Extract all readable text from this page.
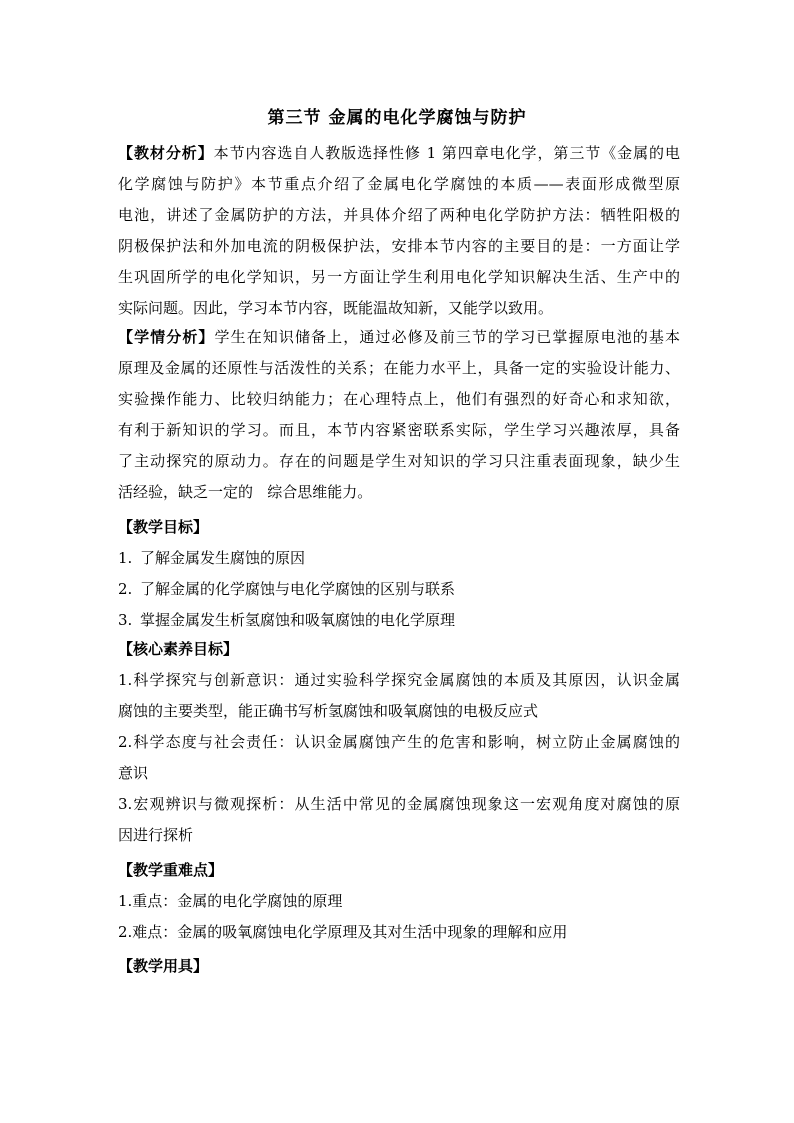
第三节 金属的电化学腐蚀与防护
【教材分析】本节内容选自人教版选择性修 1 第四章电化学，第三节《金属的电
化学腐蚀与防护》本节重点介绍了金属电化学腐蚀的本质——表面形成微型原
电池，讲述了金属防护的方法，并具体介绍了两种电化学防护方法：牺牲阳极的
阴极保护法和外加电流的阴极保护法，安排本节内容的主要目的是：一方面让学
生巩固所学的电化学知识，另一方面让学生利用电化学知识解决生活、生产中的
实际问题。因此，学习本节内容，既能温故知新，又能学以致用。
【学情分析】学生在知识储备上，通过必修及前三节的学习已掌握原电池的基本
原理及金属的还原性与活泼性的关系；在能力水平上，具备一定的实验设计能力、
实验操作能力、比较归纳能力；在心理特点上，他们有强烈的好奇心和求知欲，
有利于新知识的学习。而且，本节内容紧密联系实际，学生学习兴趣浓厚，具备
了主动探究的原动力。存在的问题是学生对知识的学习只注重表面现象，缺少生
活经验，缺乏一定的   综合思维能力。
【教学目标】
1. 了解金属发生腐蚀的原因
2. 了解金属的化学腐蚀与电化学腐蚀的区别与联系
3. 掌握金属发生析氢腐蚀和吸氧腐蚀的电化学原理
【核心素养目标】
1.科学探究与创新意识：通过实验科学探究金属腐蚀的本质及其原因，认识金属
腐蚀的主要类型，能正确书写析氢腐蚀和吸氧腐蚀的电极反应式
2.科学态度与社会责任：认识金属腐蚀产生的危害和影响，树立防止金属腐蚀的
意识
3.宏观辨识与微观探析：从生活中常见的金属腐蚀现象这一宏观角度对腐蚀的原
因进行探析
【教学重难点】
1.重点：金属的电化学腐蚀的原理
2.难点：金属的吸氧腐蚀电化学原理及其对生活中现象的理解和应用
【教学用具】
